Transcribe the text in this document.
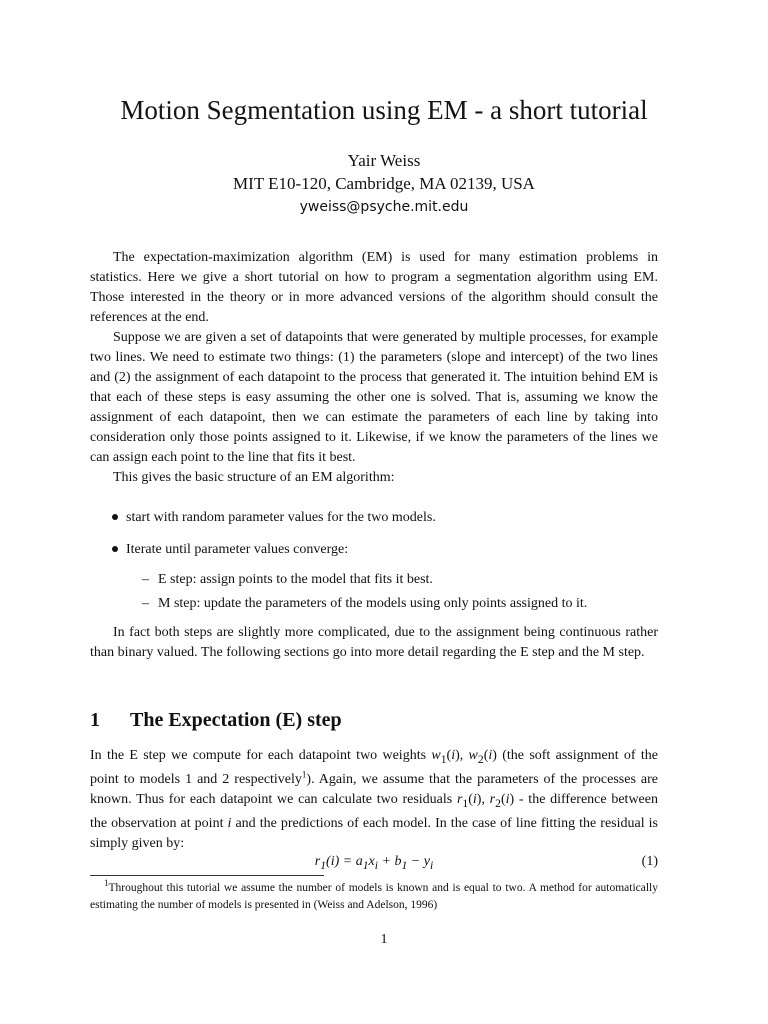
Motion Segmentation using EM - a short tutorial
Yair Weiss
MIT E10-120, Cambridge, MA 02139, USA
yweiss@psyche.mit.edu

The expectation-maximization algorithm (EM) is used for many estimation problems in statistics. Here we give a short tutorial on how to program a segmentation algorithm using EM. Those interested in the theory or in more advanced versions of the algorithm should consult the references at the end.

Suppose we are given a set of datapoints that were generated by multiple processes, for example two lines. We need to estimate two things: (1) the parameters (slope and intercept) of the two lines and (2) the assignment of each datapoint to the process that generated it. The intuition behind EM is that each of these steps is easy assuming the other one is solved. That is, assuming we know the assignment of each datapoint, then we can estimate the parameters of each line by taking into consideration only those points assigned to it. Likewise, if we know the parameters of the lines we can assign each point to the line that fits it best.

This gives the basic structure of an EM algorithm:

start with random parameter values for the two models.
Iterate until parameter values converge:
– E step: assign points to the model that fits it best.
– M step: update the parameters of the models using only points assigned to it.

In fact both steps are slightly more complicated, due to the assignment being continuous rather than binary valued. The following sections go into more detail regarding the E step and the M step.

1 The Expectation (E) step

In the E step we compute for each datapoint two weights $w_1(i)$, $w_2(i)$ (the soft assignment of the point to models 1 and 2 respectively$^1$). Again, we assume that the parameters of the processes are known. Thus for each datapoint we can calculate two residuals $r_1(i)$, $r_2(i)$ - the difference between the observation at point i and the predictions of each model. In the case of line fitting the residual is simply given by:

$r_1(i) = a_1x_i + b_1 - y_i$	(1)

$^1$Throughout this tutorial we assume the number of models is known and is equal to two. A method for automatically estimating the number of models is presented in (Weiss and Adelson, 1996)

1
